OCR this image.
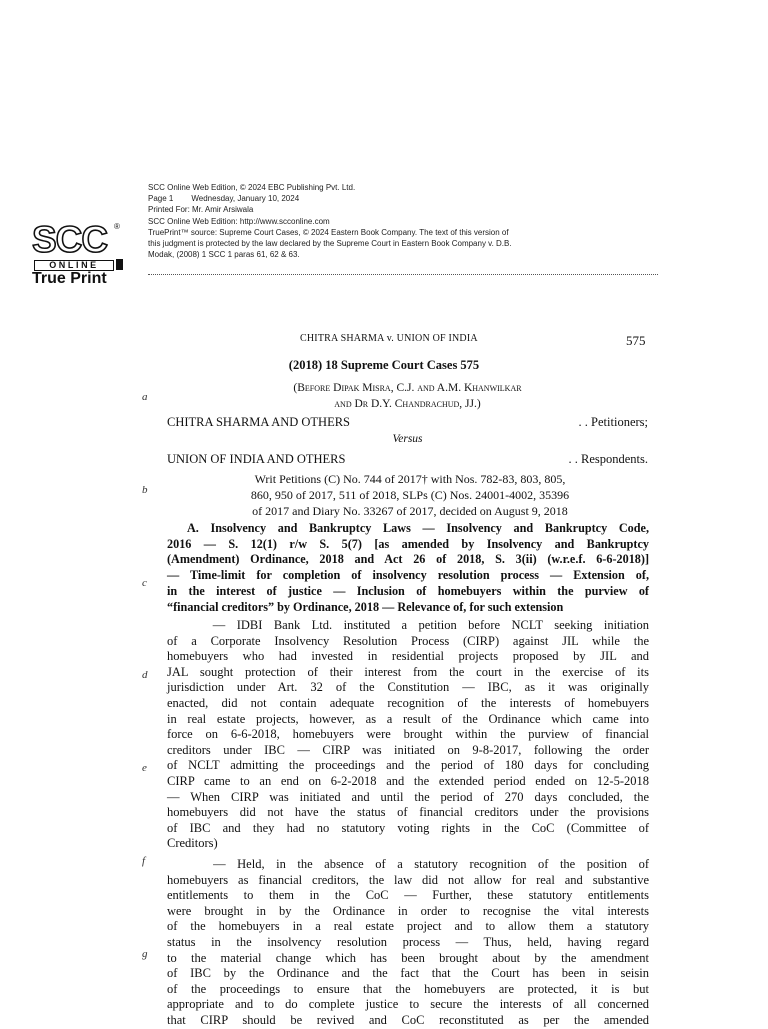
SCC ®
ONLINE
True Print
SCC Online Web Edition, © 2024 EBC Publishing Pvt. Ltd.
Page 1 Wednesday, January 10, 2024
Printed For: Mr. Amir Arsiwala
SCC Online Web Edition: http://www.scconline.com
TruePrint™ source: Supreme Court Cases, © 2024 Eastern Book Company. The text of this version of
this judgment is protected by the law declared by the Supreme Court in Eastern Book Company v. D.B.
Modak, (2008) 1 SCC 1 paras 61, 62 & 63.
CHITRA SHARMA v. UNION OF INDIA	575
(2018) 18 Supreme Court Cases 575
(Before Dipak Misra, C.J. and A.M. Khanwilkar
and Dr D.Y. Chandrachud, JJ.)
a
b
c
d
e
f
g
CHITRA SHARMA AND OTHERS	. . Petitioners;
Versus
UNION OF INDIA AND OTHERS	. . Respondents.
Writ Petitions (C) No. 744 of 2017† with Nos. 782-83, 803, 805,
860, 950 of 2017, 511 of 2018, SLPs (C) Nos. 24001-4002, 35396
of 2017 and Diary No. 33267 of 2017, decided on August 9, 2018
A. Insolvency and Bankruptcy Laws — Insolvency and Bankruptcy Code,
2016 — S. 12(1) r/w S. 5(7) [as amended by Insolvency and Bankruptcy
(Amendment) Ordinance, 2018 and Act 26 of 2018, S. 3(ii) (w.r.e.f. 6-6-2018)]
— Time-limit for completion of insolvency resolution process — Extension of,
in the interest of justice — Inclusion of homebuyers within the purview of
“financial creditors” by Ordinance, 2018 — Relevance of, for such extension
— IDBI Bank Ltd. instituted a petition before NCLT seeking initiation
of a Corporate Insolvency Resolution Process (CIRP) against JIL while the
homebuyers who had invested in residential projects proposed by JIL and
JAL sought protection of their interest from the court in the exercise of its
jurisdiction under Art. 32 of the Constitution — IBC, as it was originally
enacted, did not contain adequate recognition of the interests of homebuyers
in real estate projects, however, as a result of the Ordinance which came into
force on 6-6-2018, homebuyers were brought within the purview of financial
creditors under IBC — CIRP was initiated on 9-8-2017, following the order
of NCLT admitting the proceedings and the period of 180 days for concluding
CIRP came to an end on 6-2-2018 and the extended period ended on 12-5-2018
— When CIRP was initiated and until the period of 270 days concluded, the
homebuyers did not have the status of financial creditors under the provisions
of IBC and they had no statutory voting rights in the CoC (Committee of
Creditors)
— Held, in the absence of a statutory recognition of the position of
homebuyers as financial creditors, the law did not allow for real and substantive
entitlements to them in the CoC — Further, these statutory entitlements
were brought in by the Ordinance in order to recognise the vital interests
of the homebuyers in a real estate project and to allow them a statutory
status in the insolvency resolution process — Thus, held, having regard
to the material change which has been brought about by the amendment
of IBC by the Ordinance and the fact that the Court has been in seisin
of the proceedings to ensure that the homebuyers are protected, it is but
appropriate and to do complete justice to secure the interests of all concerned
that CIRP should be revived and CoC reconstituted as per the amended
